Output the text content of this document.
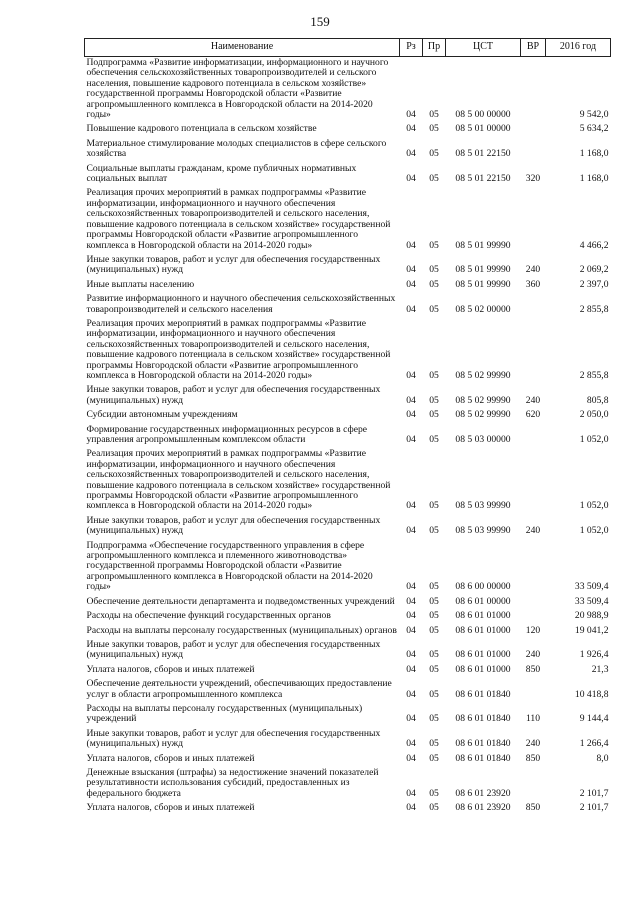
159
Наименование	Рз	Пр	ЦСТ	ВР	2016 год
Подпрограмма «Развитие информатизации, информационного и научного обеспечения сельскохозяйственных товаропроизводителей и сельского населения, повышение кадрового потенциала в сельском хозяйстве» государственной программы Новгородской области «Развитие агропромышленного комплекса в Новгородской области на 2014-2020 годы»	04	05	08 5 00 00000		9 542,0
Повышение кадрового потенциала в сельском хозяйстве	04	05	08 5 01 00000		5 634,2
Материальное стимулирование молодых специалистов в сфере сельского хозяйства	04	05	08 5 01 22150		1 168,0
Социальные выплаты гражданам, кроме публичных нормативных социальных выплат	04	05	08 5 01 22150	320	1 168,0
Реализация прочих мероприятий в рамках подпрограммы «Развитие информатизации, информационного и научного обеспечения сельскохозяйственных товаропроизводителей и сельского населения, повышение кадрового потенциала в сельском хозяйстве» государственной программы Новгородской области «Развитие агропромышленного комплекса в Новгородской области на 2014-2020 годы»	04	05	08 5 01 99990		4 466,2
Иные закупки товаров, работ и услуг для обеспечения государственных (муниципальных) нужд	04	05	08 5 01 99990	240	2 069,2
Иные выплаты населению	04	05	08 5 01 99990	360	2 397,0
Развитие информационного и научного обеспечения сельскохозяйственных товаропроизводителей и сельского населения	04	05	08 5 02 00000		2 855,8
Реализация прочих мероприятий в рамках подпрограммы «Развитие информатизации, информационного и научного обеспечения сельскохозяйственных товаропроизводителей и сельского населения, повышение кадрового потенциала в сельском хозяйстве» государственной программы Новгородской области «Развитие агропромышленного комплекса в Новгородской области на 2014-2020 годы»	04	05	08 5 02 99990		2 855,8
Иные закупки товаров, работ и услуг для обеспечения государственных (муниципальных) нужд	04	05	08 5 02 99990	240	805,8
Субсидии автономным учреждениям	04	05	08 5 02 99990	620	2 050,0
Формирование государственных информационных ресурсов в сфере управления агропромышленным комплексом области	04	05	08 5 03 00000		1 052,0
Реализация прочих мероприятий в рамках подпрограммы «Развитие информатизации, информационного и научного обеспечения сельскохозяйственных товаропроизводителей и сельского населения, повышение кадрового потенциала в сельском хозяйстве» государственной программы Новгородской области «Развитие агропромышленного комплекса в Новгородской области на 2014-2020 годы»	04	05	08 5 03 99990		1 052,0
Иные закупки товаров, работ и услуг для обеспечения государственных (муниципальных) нужд	04	05	08 5 03 99990	240	1 052,0
Подпрограмма «Обеспечение государственного управления в сфере агропромышленного комплекса и племенного животноводства» государственной программы Новгородской области «Развитие агропромышленного комплекса в Новгородской области на 2014-2020 годы»	04	05	08 6 00 00000		33 509,4
Обеспечение деятельности департамента и подведомственных учреждений	04	05	08 6 01 00000		33 509,4
Расходы на обеспечение функций государственных органов	04	05	08 6 01 01000		20 988,9
Расходы на выплаты персоналу государственных (муниципальных) органов	04	05	08 6 01 01000	120	19 041,2
Иные закупки товаров, работ и услуг для обеспечения государственных (муниципальных) нужд	04	05	08 6 01 01000	240	1 926,4
Уплата налогов, сборов и иных платежей	04	05	08 6 01 01000	850	21,3
Обеспечение деятельности учреждений, обеспечивающих предоставление услуг в области агропромышленного комплекса	04	05	08 6 01 01840		10 418,8
Расходы на выплаты персоналу государственных (муниципальных) учреждений	04	05	08 6 01 01840	110	9 144,4
Иные закупки товаров, работ и услуг для обеспечения государственных (муниципальных) нужд	04	05	08 6 01 01840	240	1 266,4
Уплата налогов, сборов и иных платежей	04	05	08 6 01 01840	850	8,0
Денежные взыскания (штрафы) за недостижение значений показателей результативности использования субсидий, предоставленных из федерального бюджета	04	05	08 6 01 23920		2 101,7
Уплата налогов, сборов и иных платежей	04	05	08 6 01 23920	850	2 101,7
